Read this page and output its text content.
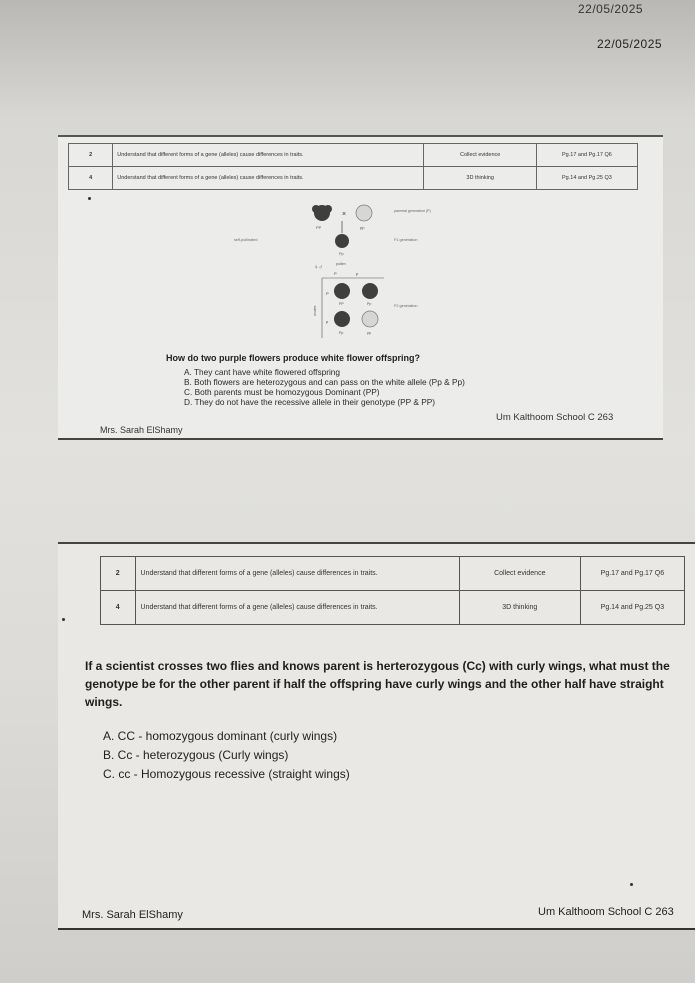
22/05/2025
22/05/2025
2	Understand that different forms of a gene (alleles) cause differences in traits.	Collect evidence	Pg.17 and Pg.17 Q6
4	Understand that different forms of a gene (alleles) cause differences in traits.	3D thinking	Pg.14 and Pg.25 Q3
×
PP	pp
parental generation (P)
self-pollinated	F1 generation
Pp
pollen
♀♂
P	p
ovules
P
p
PP	Pp
Pp	pp
F2 generation
How do two purple flowers produce white flower offspring?
A. They cant have white flowered offspring
B. Both flowers are heterozygous and can pass on the white allele (Pp & Pp)
C. Both parents must be homozygous Dominant (PP)
D. They do not have the recessive allele in their genotype (PP & PP)
Mrs. Sarah ElShamy
Um Kalthoom School C 263
2	Understand that different forms of a gene (alleles) cause differences in traits.	Collect evidence	Pg.17 and Pg.17 Q6
4	Understand that different forms of a gene (alleles) cause differences in traits.	3D thinking	Pg.14 and Pg.25 Q3
If a scientist crosses two flies and knows parent is herterozygous (Cc) with curly wings, what must the genotype be for the other parent if half the offspring have curly wings and the other half have straight wings.
A. CC - homozygous dominant (curly wings)
B. Cc - heterozygous (Curly wings)
C. cc - Homozygous recessive (straight wings)
Mrs. Sarah ElShamy	Um Kalthoom School C 263
